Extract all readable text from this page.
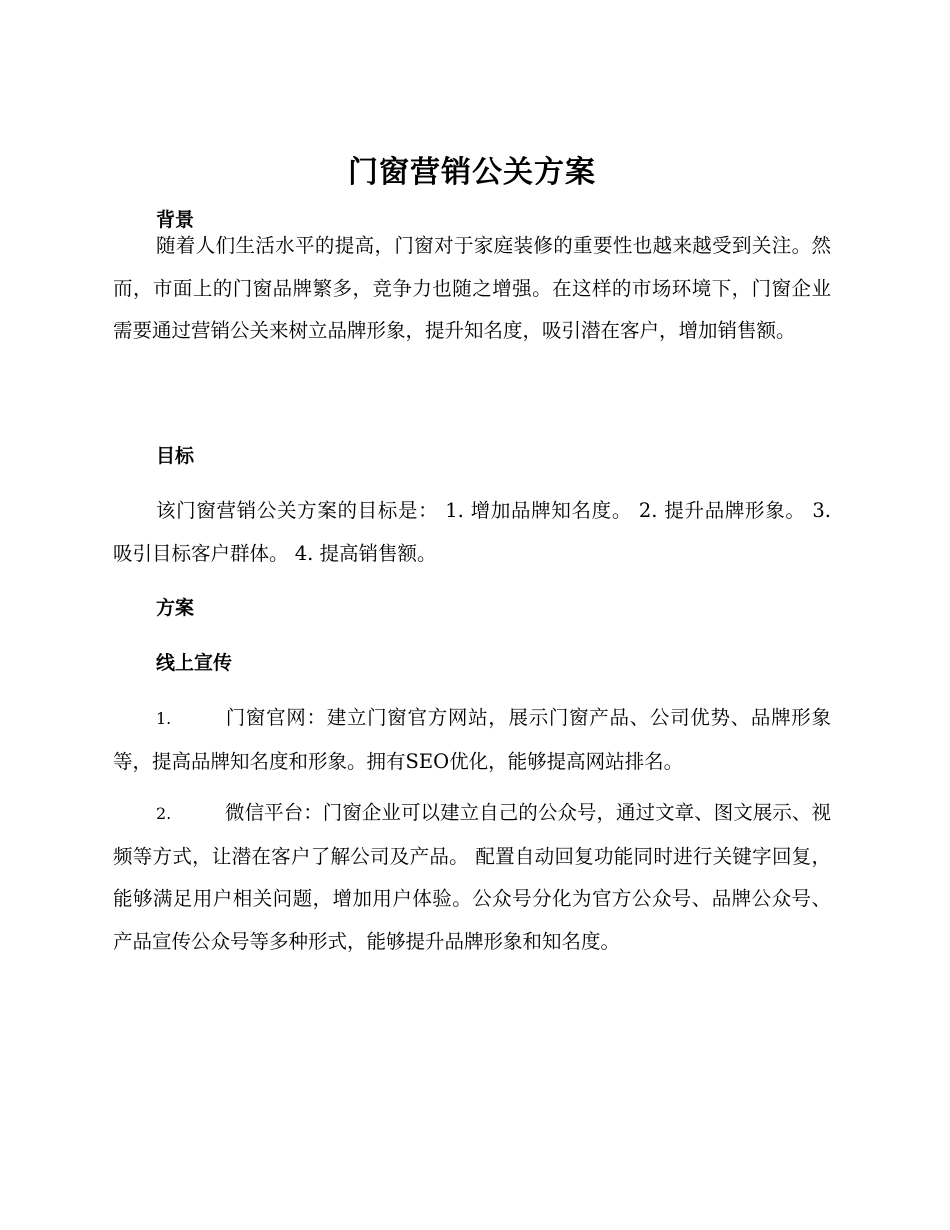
门窗营销公关方案
背景

随着人们生活水平的提高，门窗对于家庭装修的重要性也越来越受到关注。然而，市面上的门窗品牌繁多，竞争力也随之增强。在这样的市场环境下，门窗企业需要通过营销公关来树立品牌形象，提升知名度，吸引潜在客户，增加销售额。

目标

该门窗营销公关方案的目标是： 1. 增加品牌知名度。 2. 提升品牌形象。 3. 吸引目标客户群体。 4. 提高销售额。

方案
线上宣传

1.	门窗官网：建立门窗官方网站，展示门窗产品、公司优势、品牌形象等，提高品牌知名度和形象。拥有SEO优化，能够提高网站排名。

2.	微信平台：门窗企业可以建立自己的公众号，通过文章、图文展示、视频等方式，让潜在客户了解公司及产品。 配置自动回复功能同时进行关键字回复，能够满足用户相关问题，增加用户体验。公众号分化为官方公众号、品牌公众号、产品宣传公众号等多种形式，能够提升品牌形象和知名度。
